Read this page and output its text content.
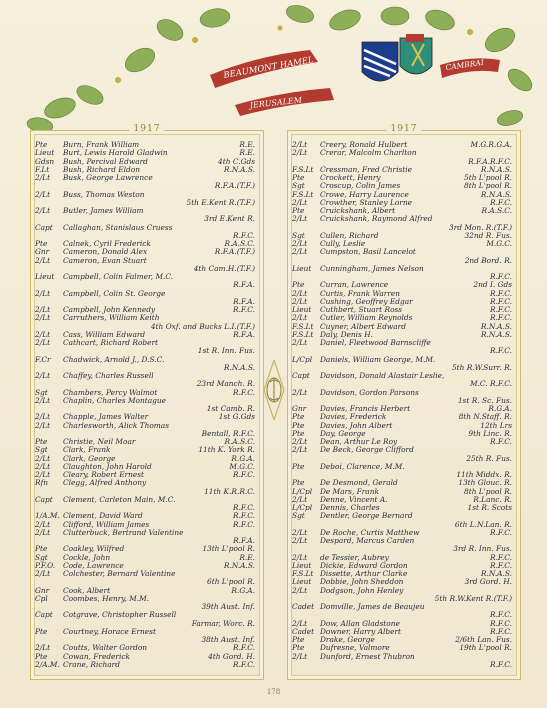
BEAUMONT HAMEL
JERUSALEM
CAMBRAI
1917
R.E.
Pte Burn, Frank William
R.E.
Lieut Burt, Lewis Harold Gladwin
4th C.Gds
Gdsn Bush, Percival Edward
R.N.A.S.
F.Lt Bush, Richard Eldon
2/Lt Busk, George Lawrence
R.F.A.(T.F.)
2/Lt Buss, Thomas Weston
5th E.Kent R.(T.F.)
2/Lt Butler, James William
3rd E.Kent R.
Capt Callaghan, Stanislaus Cruess
R.F.C.
R.A.S.C.
Pte Calnek, Cyril Frederick
R.F.A.(T.F.)
Gnr Cameron, Donald Alex
2/Lt Cameron, Evan Stuart
4th Cam.H.(T.F.)
Lieut Campbell, Colin Falmer, M.C.
R.F.A.
2/Lt Campbell, Colin St. George
R.F.A.
R.F.C.
2/Lt Campbell, John Kennedy
2/Lt Carruthers, William Keith
4th Oxf. and Bucks L.I.(T.F.)
R.F.A.
2/Lt Cass, William Edward
2/Lt Cathcart, Richard Robert
1st R. Inn. Fus.
F.Cr Chadwick, Arnold J., D.S.C.
R.N.A.S.
2/Lt Chaffey, Charles Russell
23rd Manch. R.
R.F.C.
Sgt Chambers, Percy Walmot
2/Lt Chaplin, Charles Montague
1st Camb. R.
1st G.Gds
2/Lt Chapple, James Walter
2/Lt Charlesworth, Alick Thomas
Bentall, R.F.C.
R.A.S.C.
Pte Christie, Neil Moar
11th K. York R.
Sgt Clark, Frank
R.G.A.
2/Lt Clark, George
M.G.C.
2/Lt Claughton, John Harold
R.F.C.
2/Lt Cleary, Robert Ernest
Rfn Clegg, Alfred Anthony
11th K.R.R.C.
Capt Clement, Carleton Main, M.C.
R.F.C.
R.F.C.
1/A.M. Clement, David Ward
R.F.C.
2/Lt Clifford, William James
2/Lt Clutterbuck, Bertrand Valentine
R.F.A.
13th L'pool R.
Pte Coakley, Wilfred
R.E.
Sgt Cockle, John
R.N.A.S.
P.F.O. Code, Lawrence
2/Lt Colchester, Bernard Valentine
6th L'pool R.
R.G.A.
Gnr Cook, Albert
Cpl Coombes, Henry, M.M.
39th Aust. Inf.
Capt Cotgrave, Christopher Russell
Farmar, Worc. R.
Pte Courtney, Horace Ernest
38th Aust. Inf.
R.F.C.
2/Lt Coutts, Walter Gordon
4th Gord. H.
Pte Cowan, Frederick
R.F.C.
2/A.M. Crane, Richard
1917
M.G.R.G.A.
2/Lt Creery, Ronald Hulbert
2/Lt Crerar, Malcolm Charlton
R.F.A.R.F.C.
R.N.A.S.
F.S.Lt Cressman, Fred Christie
5th L'pool R.
Pte Crockett, Henry
8th L'pool R.
Sgt Croscup, Colin James
R.N.A.S.
F.S.Lt Crowe, Harry Laurence
R.F.C.
2/Lt Crowther, Stanley Lorne
R.A.S.C.
Pte Cruickshank, Albert
2/Lt Cruickshank, Raymond Alfred
3rd Mon. R.(T.F.)
32nd R. Fus.
Sgt Cullen, Richard
M.G.C.
2/Lt Cully, Leslie
2/Lt Cumpston, Basil Lancelot
2nd Bord. R.
Lieut Cunningham, James Nelson
R.F.C.
2nd I. Gds
Pte Curran, Lawrence
R.F.C.
2/Lt Curtis, Frank Warren
R.F.C.
2/Lt Cushing, Geoffrey Edgar
R.F.C.
Lieut Cuthbert, Stuart Ross
R.F.C.
2/Lt Cutler, William Reynolds
R.N.A.S.
F.S.Lt Cuyner, Albert Edward
R.N.A.S.
F.S.Lt Daly, Denis H.
2/Lt Daniel, Fleetwood Barnscliffe
R.F.C.
L/Cpl Daniels, William George, M.M.
5th R.W.Surr. R.
Capt Davidson, Donald Alastair Leslie,
M.C. R.F.C.
2/Lt Davidson, Gordon Parsons
1st R. Sc. Fus.
R.G.A.
Gnr Davies, Francis Herbert
8th N.Staff. R.
Pte Davies, Frederick
12th Lrs
Pte Davies, John Albert
9th Linc. R.
Pte Day, George
R.F.C.
2/Lt Dean, Arthur Le Roy
2/Lt De Beck, George Clifford
25th R. Fus.
Pte Deboi, Clarence, M.M.
11th Middx. R.
13th Glouc. R.
Pte De Desmond, Gerald
8th L'pool R.
L/Cpl De Mars, Frank
R.Lanc. R.
2/Lt Denne, Vincent A.
1st R. Scots
L/Cpl Dennis, Charles
Sgt Dentler, George Bernard
6th L.N.Lan. R.
R.F.C.
2/Lt De Roche, Curtis Matthew
2/Lt Despard, Marcus Carden
3rd R. Inn. Fus.
R.F.C.
2/Lt de Tessier, Aubrey
R.F.C.
Lieut Dickie, Edward Gordon
R.N.A.S.
F.S.Lt Dissette, Arthur Clarke
3rd Gord. H.
Lieut Dobbie, John Sheddon
2/Lt Dodgson, John Henley
5th R.W.Kent R.(T.F.)
Cadet Domville, James de Beaujeu
R.F.C.
R.F.C.
2/Lt Dow, Allan Gladstone
R.F.C.
Cadet Downer, Harry Albert
2/6th Lan. Fus.
Pte Drake, George
19th L'pool R.
Pte Dufresne, Valmore
2/Lt Dunford, Ernest Thubron
R.F.C.
178
